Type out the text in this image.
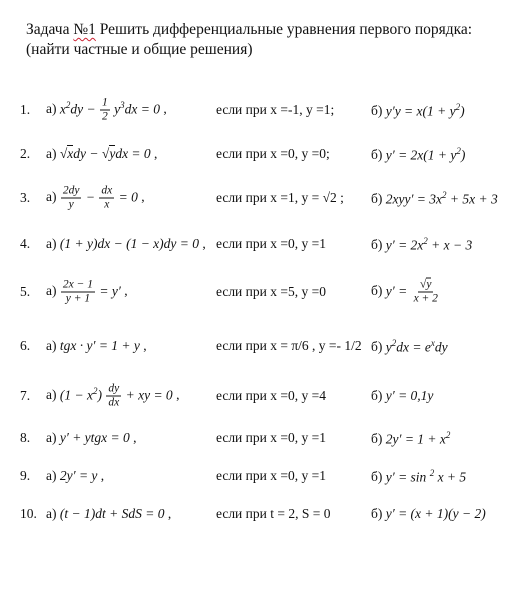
Задача №1 Решить дифференциальные уравнения первого порядка: (найти частные и общие решения)
1. а) $x^2dy - \frac{1}{2} y^3dx = 0$ ,	если при х =-1, у =1;	б) $y'y = x(1 + y^2)$
2. а) √xdy − √ydx = 0 ,	если при х =0, у =0;	б) $y' = 2x(1 + y^2)$
3. $а) \frac{2dy}{y} - \frac{dx}{x} = 0$ ,	если при х =1, у = √2 ; б) $2xyy' = 3x^2 + 5x + 3$
4. а) (1 + y)dx − (1 − x)dy = 0 , если при х =0, у =1	б) $y' = 2x^2 + x - 3$
5. $а) \frac{2x - 1}{y + 1} = y'$ ,	если при х =5, у =0	б) $y' = \frac{√y}{x + 2}$
6. а) tgx · y′ = 1 + y ,	если при х = π/6 , у =- 1/2 б) $y^2dx = e^xdy$
7. а) $(1 - x^2) \frac{dy}{dx}$ + xy = 0 ,	если при х =0, у =4	б) y′ = 0,1y
8. а) y′ + ytgx = 0 ,	если при х =0, у =1	б) $2y' = 1 + x^2$
9. а) 2y′ = y ,	если при х =0, у =1	б) y′ = sin $^2$ x + 5
10. а) (t − 1)dt + SdS = 0 ,	если при t = 2, S = 0	б) y′ = (x + 1)(y − 2)
